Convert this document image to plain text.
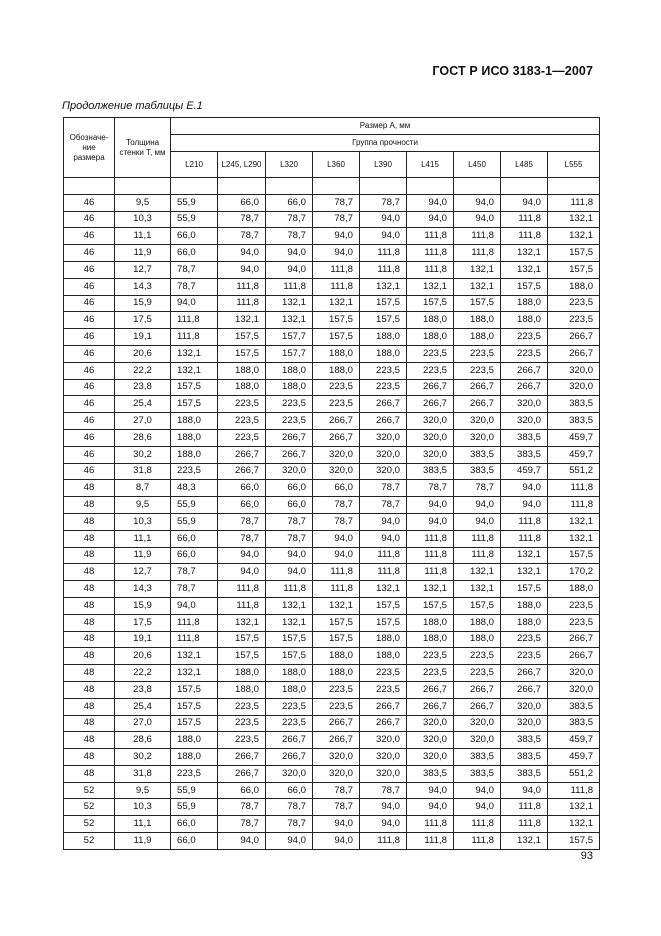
ГОСТ Р ИСО 3183-1—2007
Продолжение таблицы Е.1
Обозначе-ние размера	Толщина стенки T, мм	Размер A, мм								
		Группа прочности								
		L210	L245, L290	L320	L360	L390	L415	L450	L485	L555

46	9,5	55,9	66,0	66,0	78,7	78,7	94,0	94,0	94,0	111,8
46	10,3	55,9	78,7	78,7	78,7	94,0	94,0	94,0	111,8	132,1
46	11,1	66,0	78,7	78,7	94,0	94,0	111,8	111,8	111,8	132,1
46	11,9	66,0	94,0	94,0	94,0	111,8	111,8	111,8	132,1	157,5
46	12,7	78,7	94,0	94,0	111,8	111,8	111,8	132,1	132,1	157,5
46	14,3	78,7	111,8	111,8	111,8	132,1	132,1	132,1	157,5	188,0
46	15,9	94,0	111,8	132,1	132,1	157,5	157,5	157,5	188,0	223,5
46	17,5	111,8	132,1	132,1	157,5	157,5	188,0	188,0	188,0	223,5
46	19,1	111,8	157,5	157,7	157,5	188,0	188,0	188,0	223,5	266,7
46	20,6	132,1	157,5	157,7	188,0	188,0	223,5	223,5	223,5	266,7
46	22,2	132,1	188,0	188,0	188,0	223,5	223,5	223,5	266,7	320,0
46	23,8	157,5	188,0	188,0	223,5	223,5	266,7	266,7	266,7	320,0
46	25,4	157,5	223,5	223,5	223,5	266,7	266,7	266,7	320,0	383,5
46	27,0	188,0	223,5	223,5	266,7	266,7	320,0	320,0	320,0	383,5
46	28,6	188,0	223,5	266,7	266,7	320,0	320,0	320,0	383,5	459,7
46	30,2	188,0	266,7	266,7	320,0	320,0	320,0	383,5	383,5	459,7
46	31,8	223,5	266,7	320,0	320,0	320,0	383,5	383,5	459,7	551,2
48	8,7	48,3	66,0	66,0	66,0	78,7	78,7	78,7	94,0	111,8
48	9,5	55,9	66,0	66,0	78,7	78,7	94,0	94,0	94,0	111,8
48	10,3	55,9	78,7	78,7	78,7	94,0	94,0	94,0	111,8	132,1
48	11,1	66,0	78,7	78,7	94,0	94,0	111,8	111,8	111,8	132,1
48	11,9	66,0	94,0	94,0	94,0	111,8	111,8	111,8	132,1	157,5
48	12,7	78,7	94,0	94,0	111,8	111,8	111,8	132,1	132,1	170,2
48	14,3	78,7	111,8	111,8	111,8	132,1	132,1	132,1	157,5	188,0
48	15,9	94,0	111,8	132,1	132,1	157,5	157,5	157,5	188,0	223,5
48	17,5	111,8	132,1	132,1	157,5	157,5	188,0	188,0	188,0	223,5
48	19,1	111,8	157,5	157,5	157,5	188,0	188,0	188,0	223,5	266,7
48	20,6	132,1	157,5	157,5	188,0	188,0	223,5	223,5	223,5	266,7
48	22,2	132,1	188,0	188,0	188,0	223,5	223,5	223,5	266,7	320,0
48	23,8	157,5	188,0	188,0	223,5	223,5	266,7	266,7	266,7	320,0
48	25,4	157,5	223,5	223,5	223,5	266,7	266,7	266,7	320,0	383,5
48	27,0	157,5	223,5	223,5	266,7	266,7	320,0	320,0	320,0	383,5
48	28,6	188,0	223,5	266,7	266,7	320,0	320,0	320,0	383,5	459,7
48	30,2	188,0	266,7	266,7	320,0	320,0	320,0	383,5	383,5	459,7
48	31,8	223,5	266,7	320,0	320,0	320,0	383,5	383,5	383,5	551,2
52	9,5	55,9	66,0	66,0	78,7	78,7	94,0	94,0	94,0	111,8
52	10,3	55,9	78,7	78,7	78,7	94,0	94,0	94,0	111,8	132,1
52	11,1	66,0	78,7	78,7	94,0	94,0	111,8	111,8	111,8	132,1
52	11,9	66,0	94,0	94,0	94,0	111,8	111,8	111,8	132,1	157,5
93
